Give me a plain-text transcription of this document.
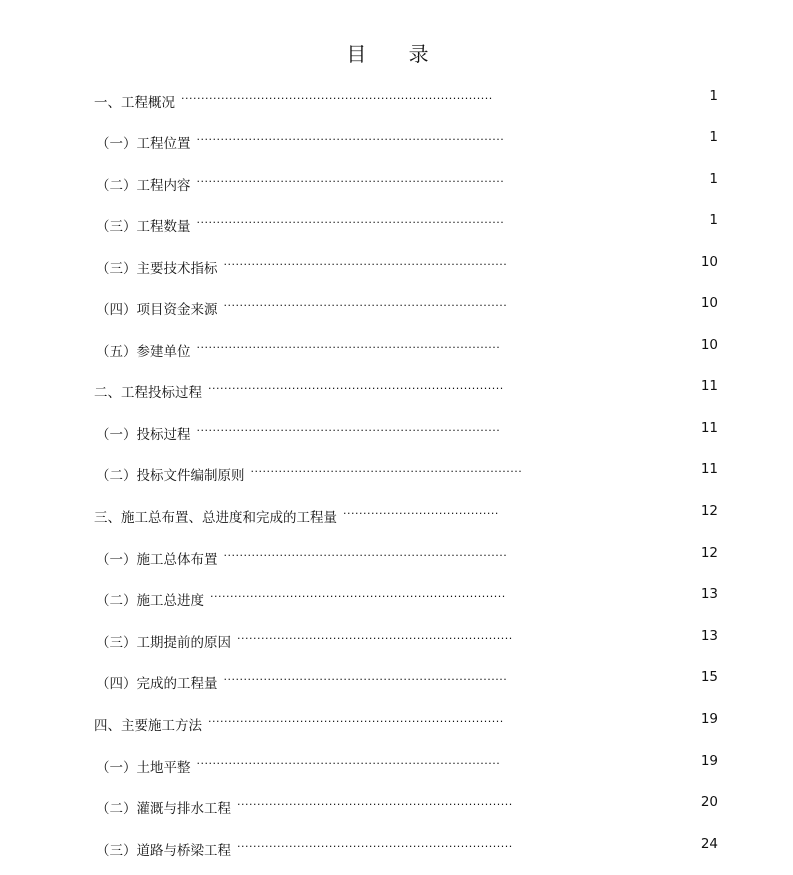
目 录
一、工程概况 ..............................................................................	1
（一）工程位置 .............................................................................	1
（二）工程内容 .............................................................................	1
（三）工程数量 .............................................................................	1
（三）主要技术指标 .......................................................................	10
（四）项目资金来源 .......................................................................	10
（五）参建单位 ............................................................................	10
二、工程投标过程 ..........................................................................	11
（一）投标过程 ............................................................................	11
（二）投标文件编制原则 ....................................................................	11
三、施工总布置、总进度和完成的工程量 .......................................	12
（一）施工总体布置 .......................................................................	12
（二）施工总进度 ..........................................................................	13
（三）工期提前的原因 .....................................................................	13
（四）完成的工程量 .......................................................................	15
四、主要施工方法 ..........................................................................	19
（一）土地平整 ............................................................................	19
（二）灌溉与排水工程 .....................................................................	20
（三）道路与桥梁工程 .....................................................................	24
